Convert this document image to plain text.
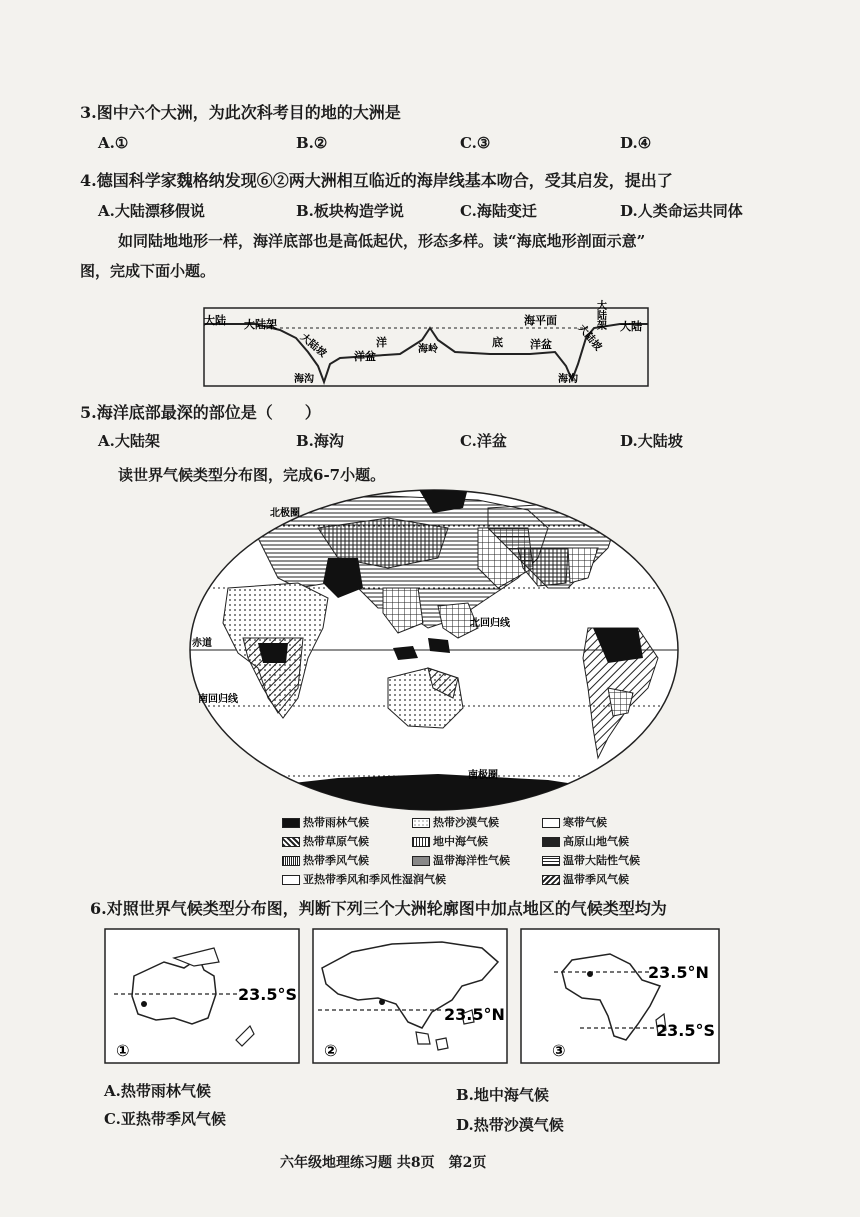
3.图中六个大洲，为此次科考目的地的大洲是
A.①	B.②	C.③	D.④
4.德国科学家魏格纳发现⑥②两大洲相互临近的海岸线基本吻合，受其启发，提出了
A.大陆漂移假说	B.板块构造学说	C.海陆变迁	D.人类命运共同体
如同陆地地形一样，海洋底部也是高低起伏，形态多样。读“海底地形剖面示意”
图，完成下面小题。
大陆 大陆架
大陆坡
海沟
洋
洋盆
海岭
底 洋盆
海平面	大陆架
大陆坡 大陆
海沟
5.海洋底部最深的部位是（　　）
A.大陆架	B.海沟	C.洋盆	D.大陆坡
读世界气候类型分布图，完成6-7小题。
北极圈
北回归线
赤道
南回归线
南极圈
热带雨林气候	热带沙漠气候	寒带气候
热带草原气候	地中海气候	高原山地气候
热带季风气候	温带海洋性气候	温带大陆性气候
亚热带季风和季风性湿润气候	温带季风气候
6.对照世界气候类型分布图，判断下列三个大洲轮廓图中加点地区的气候类型均为
23.5°S
①
23.5°N
②
23.5°N
23.5°S
③
A.热带雨林气候	B.地中海气候
C.亚热带季风气候	D.热带沙漠气候
六年级地理练习题 共8页　第2页
